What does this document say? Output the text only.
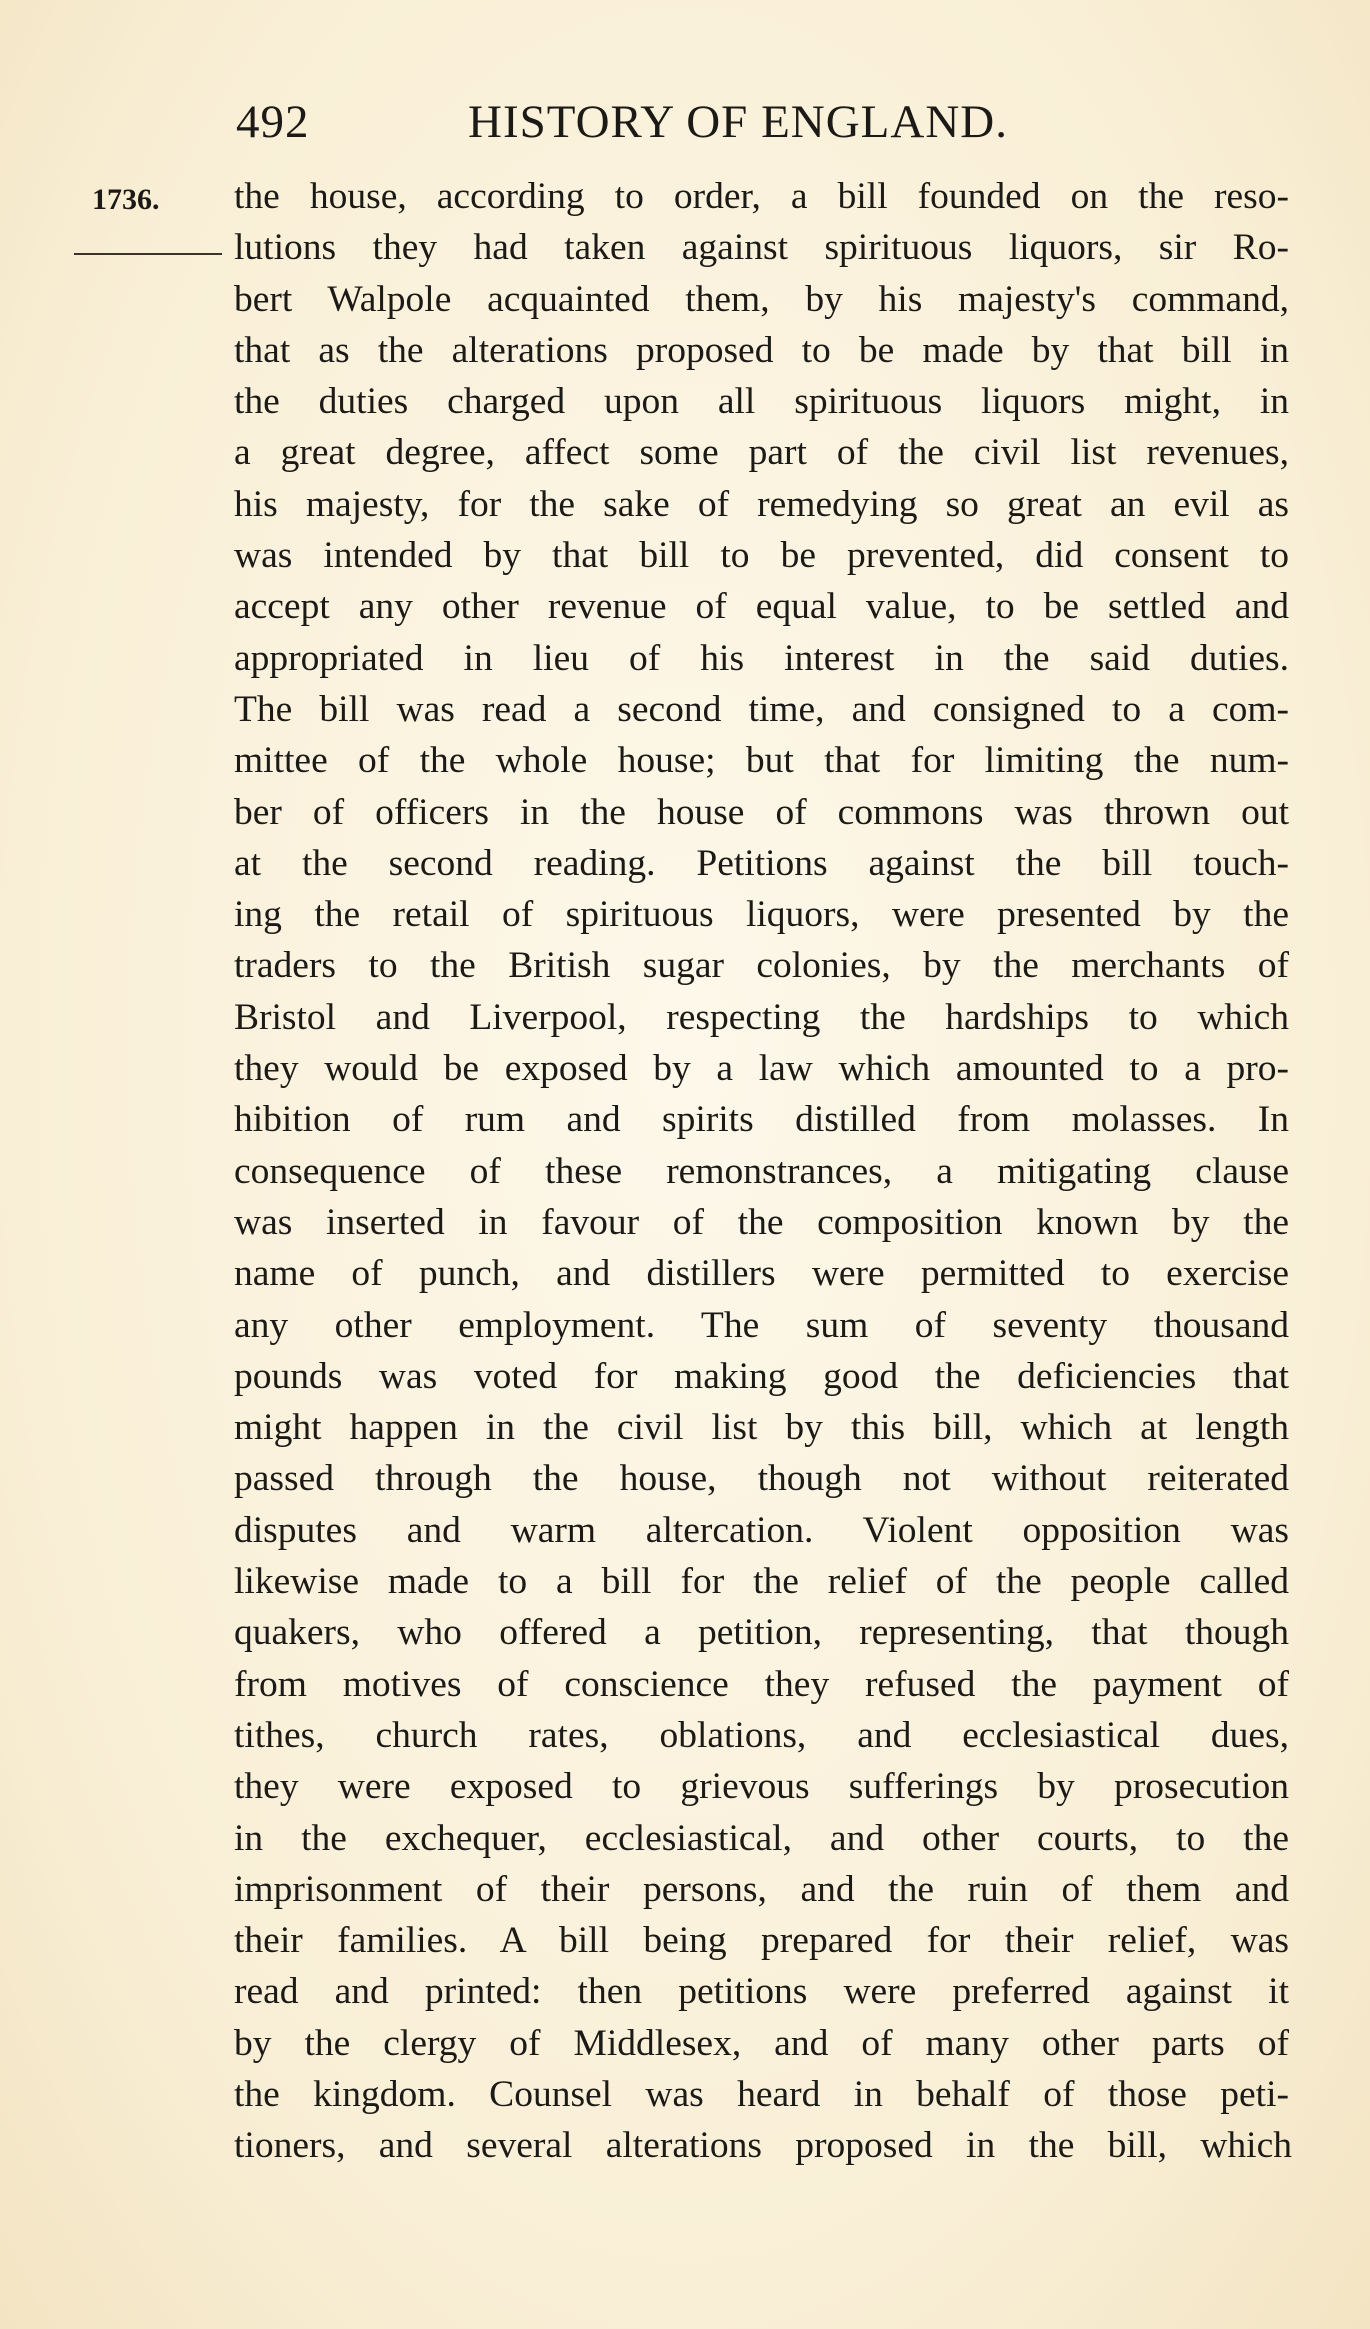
492	HISTORY OF ENGLAND.
1736. the house, according to order, a bill founded on the reso-
lutions they had taken against spirituous liquors, sir Ro-
bert Walpole acquainted them, by his majesty's command,
that as the alterations proposed to be made by that bill in
the duties charged upon all spirituous liquors might, in
a great degree, affect some part of the civil list revenues,
his majesty, for the sake of remedying so great an evil as
was intended by that bill to be prevented, did consent to
accept any other revenue of equal value, to be settled and
appropriated in lieu of his interest in the said duties.
The bill was read a second time, and consigned to a com-
mittee of the whole house; but that for limiting the num-
ber of officers in the house of commons was thrown out
at the second reading. Petitions against the bill touch-
ing the retail of spirituous liquors, were presented by the
traders to the British sugar colonies, by the merchants of
Bristol and Liverpool, respecting the hardships to which
they would be exposed by a law which amounted to a pro-
hibition of rum and spirits distilled from molasses. In
consequence of these remonstrances, a mitigating clause
was inserted in favour of the composition known by the
name of punch, and distillers were permitted to exercise
any other employment. The sum of seventy thousand
pounds was voted for making good the deficiencies that
might happen in the civil list by this bill, which at length
passed through the house, though not without reiterated
disputes and warm altercation. Violent opposition was
likewise made to a bill for the relief of the people called
quakers, who offered a petition, representing, that though
from motives of conscience they refused the payment of
tithes, church rates, oblations, and ecclesiastical dues,
they were exposed to grievous sufferings by prosecution
in the exchequer, ecclesiastical, and other courts, to the
imprisonment of their persons, and the ruin of them and
their families. A bill being prepared for their relief, was
read and printed: then petitions were preferred against it
by the clergy of Middlesex, and of many other parts of
the kingdom. Counsel was heard in behalf of those peti-
tioners, and several alterations proposed in the bill, which
